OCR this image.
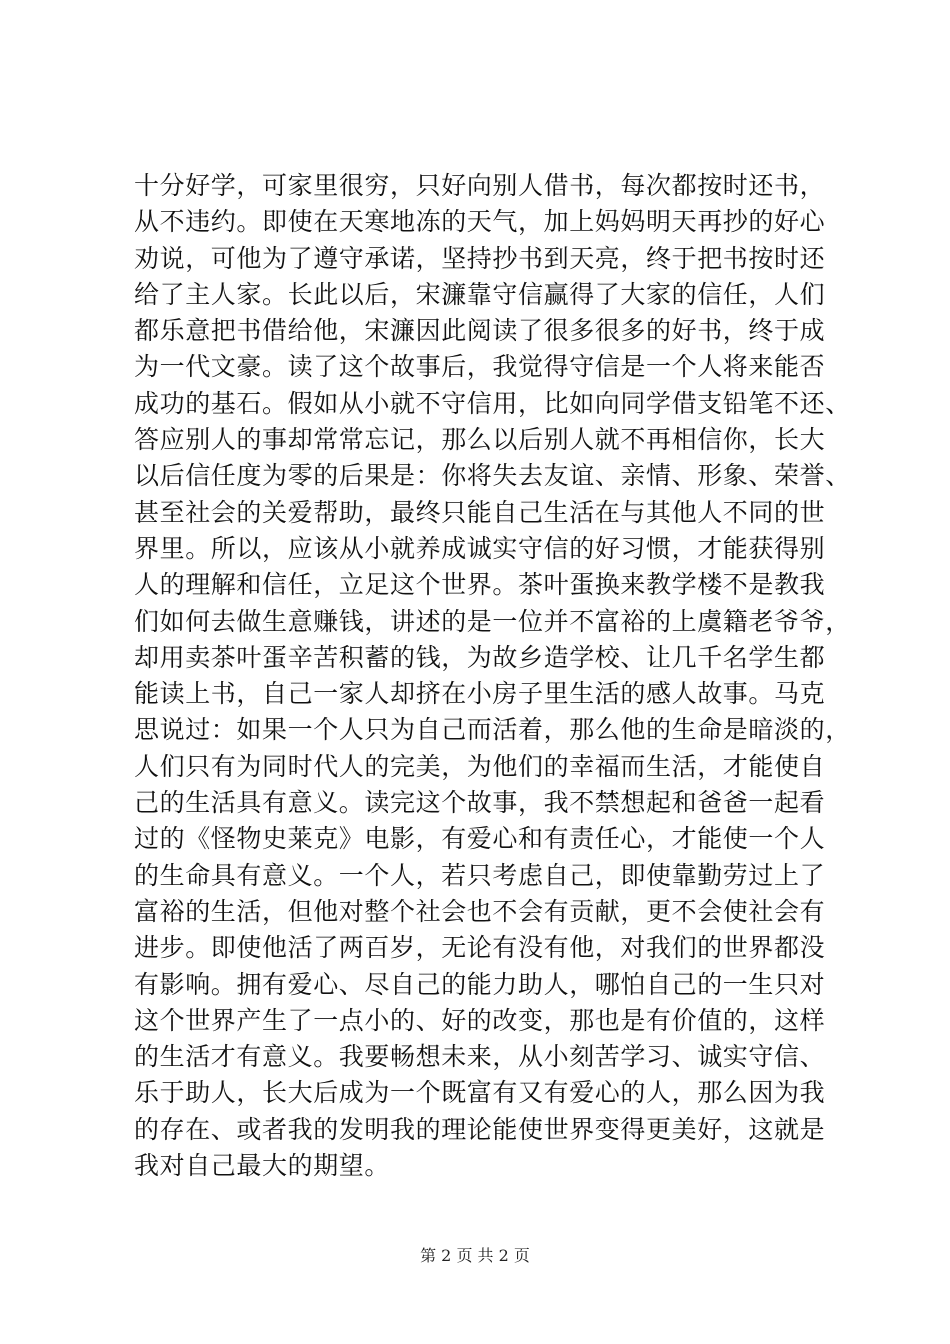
十分好学，可家里很穷，只好向别人借书，每次都按时还书，
从不违约。即使在天寒地冻的天气，加上妈妈明天再抄的好心
劝说，可他为了遵守承诺，坚持抄书到天亮，终于把书按时还
给了主人家。长此以后，宋濂靠守信赢得了大家的信任，人们
都乐意把书借给他，宋濂因此阅读了很多很多的好书，终于成
为一代文豪。读了这个故事后，我觉得守信是一个人将来能否
成功的基石。假如从小就不守信用，比如向同学借支铅笔不还、
答应别人的事却常常忘记，那么以后别人就不再相信你，长大
以后信任度为零的后果是：你将失去友谊、亲情、形象、荣誉、
甚至社会的关爱帮助，最终只能自己生活在与其他人不同的世
界里。所以，应该从小就养成诚实守信的好习惯，才能获得别
人的理解和信任，立足这个世界。茶叶蛋换来教学楼不是教我
们如何去做生意赚钱，讲述的是一位并不富裕的上虞籍老爷爷，
却用卖茶叶蛋辛苦积蓄的钱，为故乡造学校、让几千名学生都
能读上书，自己一家人却挤在小房子里生活的感人故事。马克
思说过：如果一个人只为自己而活着，那么他的生命是暗淡的，
人们只有为同时代人的完美，为他们的幸福而生活，才能使自
己的生活具有意义。读完这个故事，我不禁想起和爸爸一起看
过的《怪物史莱克》电影，有爱心和有责任心，才能使一个人
的生命具有意义。一个人，若只考虑自己，即使靠勤劳过上了
富裕的生活，但他对整个社会也不会有贡献，更不会使社会有
进步。即使他活了两百岁，无论有没有他，对我们的世界都没
有影响。拥有爱心、尽自己的能力助人，哪怕自己的一生只对
这个世界产生了一点小的、好的改变，那也是有价值的，这样
的生活才有意义。我要畅想未来，从小刻苦学习、诚实守信、
乐于助人，长大后成为一个既富有又有爱心的人，那么因为我
的存在、或者我的发明我的理论能使世界变得更美好，这就是
我对自己最大的期望。
第 2 页 共 2 页
